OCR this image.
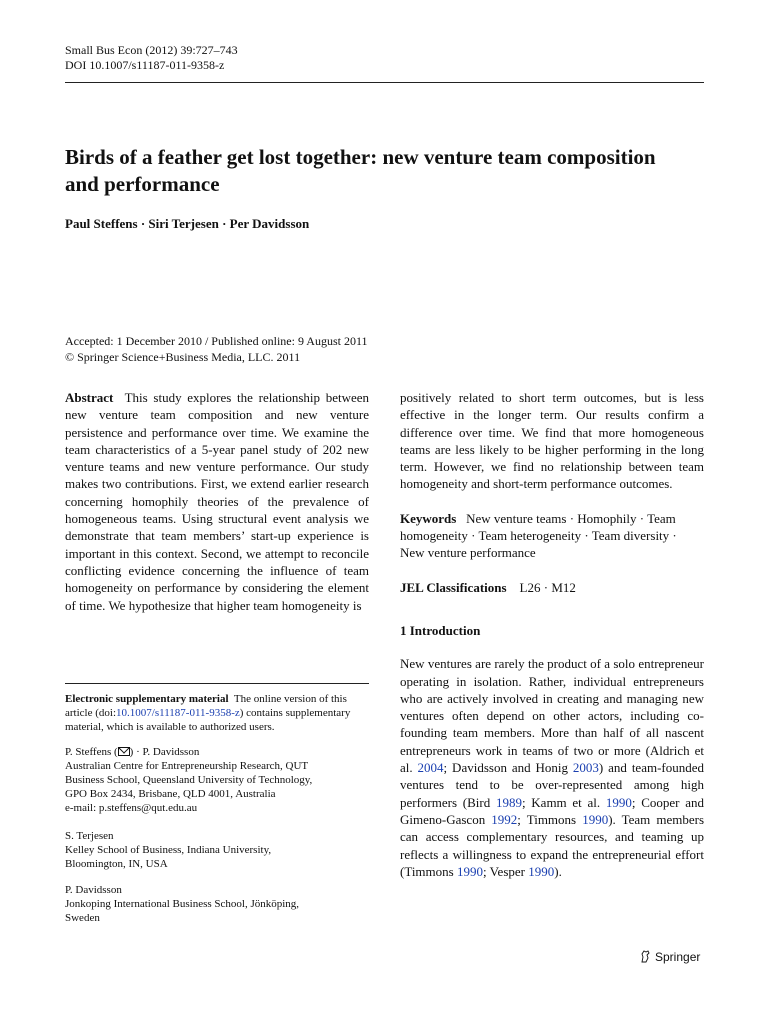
Small Bus Econ (2012) 39:727–743
DOI 10.1007/s11187-011-9358-z
Birds of a feather get lost together: new venture team composition and performance
Paul Steffens · Siri Terjesen · Per Davidsson
Accepted: 1 December 2010 / Published online: 9 August 2011
© Springer Science+Business Media, LLC. 2011
Abstract This study explores the relationship between new venture team composition and new venture persistence and performance over time. We examine the team characteristics of a 5-year panel study of 202 new venture teams and new venture performance. Our study makes two contributions. First, we extend earlier research concerning homophily theories of the prevalence of homogeneous teams. Using structural event analysis we demonstrate that team members’ start-up experience is important in this context. Second, we attempt to reconcile conflicting evidence concerning the influence of team homogeneity on performance by considering the element of time. We hypothesize that higher team homogeneity is
Electronic supplementary material The online version of this article (doi:10.1007/s11187-011-9358-z) contains supplementary material, which is available to authorized users.
P. Steffens ( ) · P. Davidsson
Australian Centre for Entrepreneurship Research, QUT
Business School, Queensland University of Technology,
GPO Box 2434, Brisbane, QLD 4001, Australia
e-mail: p.steffens@qut.edu.au
S. Terjesen
Kelley School of Business, Indiana University,
Bloomington, IN, USA
P. Davidsson
Jonkoping International Business School, Jönköping,
Sweden
positively related to short term outcomes, but is less effective in the longer term. Our results confirm a difference over time. We find that more homogeneous teams are less likely to be higher performing in the long term. However, we find no relationship between team homogeneity and short-term performance outcomes.
Keywords New venture teams · Homophily · Team homogeneity · Team heterogeneity · Team diversity · New venture performance
JEL Classifications L26 · M12
1 Introduction
New ventures are rarely the product of a solo entrepreneur operating in isolation. Rather, individual entrepreneurs who are actively involved in creating and managing new ventures often depend on other actors, including co-founding team members. More than half of all nascent entrepreneurs work in teams of two or more (Aldrich et al. 2004; Davidsson and Honig 2003) and team-founded ventures tend to be over-represented among high performers (Bird 1989; Kamm et al. 1990; Cooper and Gimeno-Gascon 1992; Timmons 1990). Team members can access complementary resources, and teaming up reflects a willingness to expand the entrepreneurial effort (Timmons 1990; Vesper 1990).
Springer
